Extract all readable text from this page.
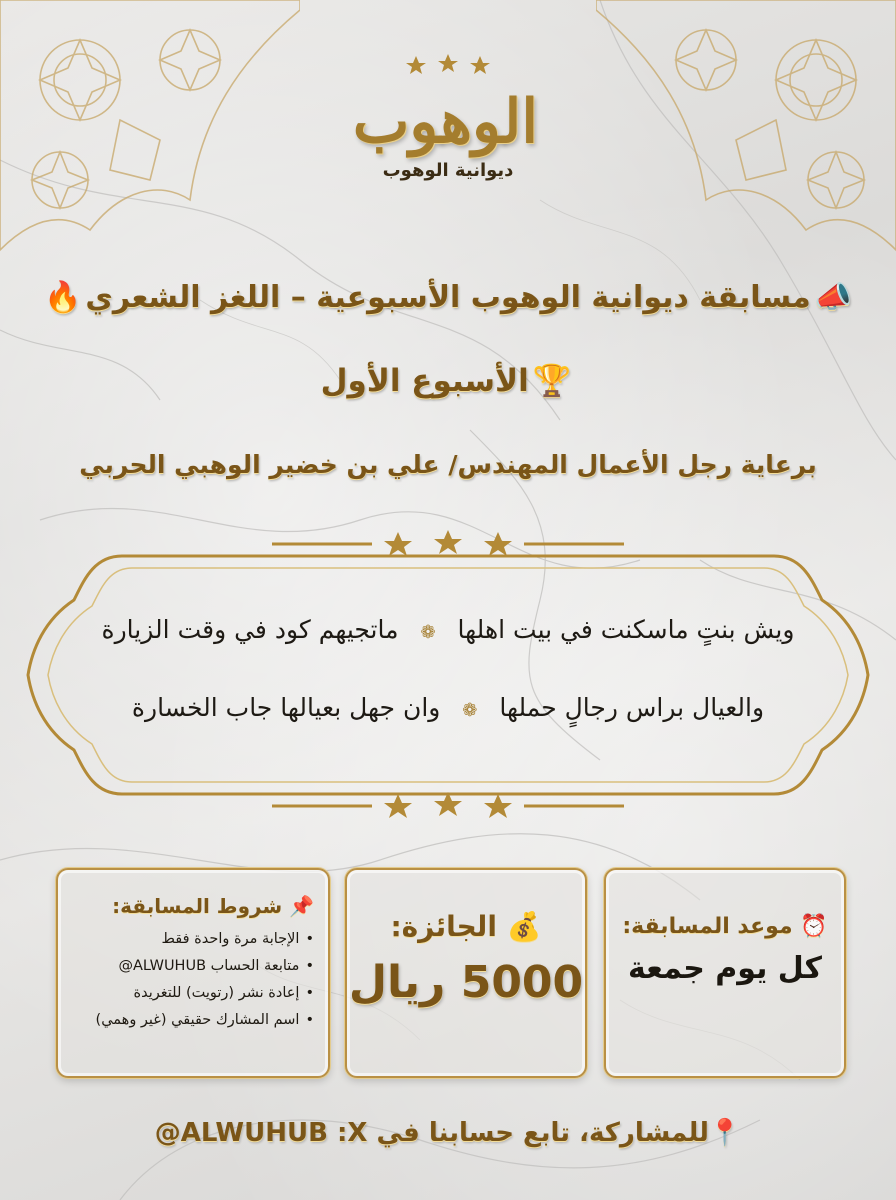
الوهوب
ديوانية الوهوب
📣مسابقة ديوانية الوهوب الأسبوعية – اللغز الشعري🔥
🏆الأسبوع الأول
برعاية رجل الأعمال المهندس/ علي بن خضير الوهبي الحربي
ويش بنتٍ ماسكنت في بيت اهلها ❁ ماتجيهم كود في وقت الزيارة
والعيال براس رجالٍ حملها ❁ وان جهل بعيالها جاب الخسارة
⏰ موعد المسابقة:
كل يوم جمعة
💰 الجائزة:
5000 ريال
📌 شروط المسابقة:
• الإجابة مرة واحدة فقط
• متابعة الحساب ALWUHUB@
• إعادة نشر (رتويت) للتغريدة
• اسم المشارك حقيقي (غير وهمي)
📍للمشاركة، تابع حسابنا في X: @ALWUHUB
